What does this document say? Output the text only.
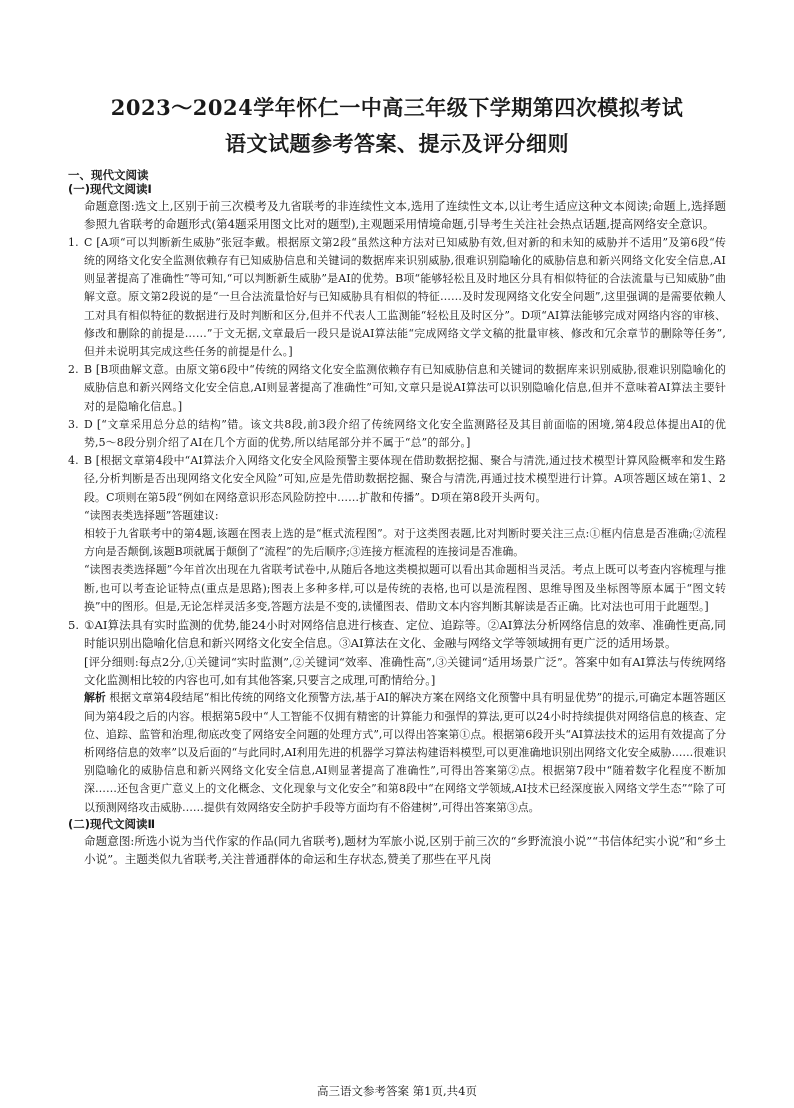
2023～2024学年怀仁一中高三年级下学期第四次模拟考试
语文试题参考答案、提示及评分细则
一、现代文阅读
(一)现代文阅读Ⅰ
命题意图:选文上,区别于前三次模考及九省联考的非连续性文本,选用了连续性文本,以让考生适应这种文本阅读;命题上,选择题参照九省联考的命题形式(第4题采用图文比对的题型),主观题采用情境命题,引导考生关注社会热点话题,提高网络安全意识。
1. C [A项“可以判断新生威胁”张冠李戴。根据原文第2段“虽然这种方法对已知威胁有效,但对新的和未知的威胁并不适用”及第6段“传统的网络文化安全监测依赖存有已知威胁信息和关键词的数据库来识别威胁,很难识别隐喻化的威胁信息和新兴网络文化安全信息,AI则显著提高了准确性”等可知,“可以判断新生威胁”是AI的优势。B项“能够轻松且及时地区分具有相似特征的合法流量与已知威胁”曲解文意。原文第2段说的是“一旦合法流量恰好与已知威胁具有相似的特征……及时发现网络文化安全问题”,这里强调的是需要依赖人工对具有相似特征的数据进行及时判断和区分,但并不代表人工监测能“轻松且及时区分”。D项“AI算法能够完成对网络内容的审核、修改和删除的前提是……”于文无据,文章最后一段只是说AI算法能“完成网络文学文稿的批量审核、修改和冗余章节的删除等任务”,但并未说明其完成这些任务的前提是什么。]
2. B [B项曲解文意。由原文第6段中“传统的网络文化安全监测依赖存有已知威胁信息和关键词的数据库来识别威胁,很难识别隐喻化的威胁信息和新兴网络文化安全信息,AI则显著提高了准确性”可知,文章只是说AI算法可以识别隐喻化信息,但并不意味着AI算法主要针对的是隐喻化信息。]
3. D [“文章采用总分总的结构”错。该文共8段,前3段介绍了传统网络文化安全监测路径及其目前面临的困境,第4段总体提出AI的优势,5～8段分别介绍了AI在几个方面的优势,所以结尾部分并不属于“总”的部分。]
4. B [根据文章第4段中“AI算法介入网络文化安全风险预警主要体现在借助数据挖掘、聚合与清洗,通过技术模型计算风险概率和发生路径,分析判断是否出现网络文化安全风险”可知,应是先借助数据挖掘、聚合与清洗,再通过技术模型进行计算。A项答题区域在第1、2段。C项则在第5段“例如在网络意识形态风险防控中……扩散和传播”。D项在第8段开头两句。
“读图表类选择题”答题建议:
相较于九省联考中的第4题,该题在图表上选的是“框式流程图”。对于这类图表题,比对判断时要关注三点:①框内信息是否准确;②流程方向是否颠倒,该题B项就属于颠倒了“流程”的先后顺序;③连接方框流程的连接词是否准确。
“读图表类选择题”今年首次出现在九省联考试卷中,从随后各地这类模拟题可以看出其命题相当灵活。考点上既可以考查内容梳理与推断,也可以考查论证特点(重点是思路);图表上多种多样,可以是传统的表格,也可以是流程图、思维导图及坐标图等原本属于“图文转换”中的图形。但是,无论怎样灵活多变,答题方法是不变的,读懂图表、借助文本内容判断其解读是否正确。比对法也可用于此题型。]
5. ①AI算法具有实时监测的优势,能24小时对网络信息进行核查、定位、追踪等。②AI算法分析网络信息的效率、准确性更高,同时能识别出隐喻化信息和新兴网络文化安全信息。③AI算法在文化、金融与网络文学等领域拥有更广泛的适用场景。
[评分细则:每点2分,①关键词“实时监测”,②关键词“效率、准确性高”,③关键词“适用场景广泛”。答案中如有AI算法与传统网络文化监测相比较的内容也可,如有其他答案,只要言之成理,可酌情给分。]
解析 根据文章第4段结尾“相比传统的网络文化预警方法,基于AI的解决方案在网络文化预警中具有明显优势”的提示,可确定本题答题区间为第4段之后的内容。根据第5段中“人工智能不仅拥有精密的计算能力和强悍的算法,更可以24小时持续提供对网络信息的核查、定位、追踪、监管和治理,彻底改变了网络安全问题的处理方式”,可以得出答案第①点。根据第6段开头“AI算法技术的运用有效提高了分析网络信息的效率”以及后面的“与此同时,AI利用先进的机器学习算法构建语料模型,可以更准确地识别出网络文化安全威胁……很难识别隐喻化的威胁信息和新兴网络文化安全信息,AI则显著提高了准确性”,可得出答案第②点。根据第7段中“随着数字化程度不断加深……还包含更广意义上的文化概念、文化现象与文化安全”和第8段中“在网络文学领域,AI技术已经深度嵌入网络文学生态”“除了可以预测网络攻击威胁……提供有效网络安全防护手段等方面均有不俗建树”,可得出答案第③点。
(二)现代文阅读Ⅱ
命题意图:所选小说为当代作家的作品(同九省联考),题材为军旅小说,区别于前三次的“乡野流浪小说”“书信体纪实小说”和“乡土小说”。主题类似九省联考,关注普通群体的命运和生存状态,赞美了那些在平凡岗
高三语文参考答案 第1页,共4页
